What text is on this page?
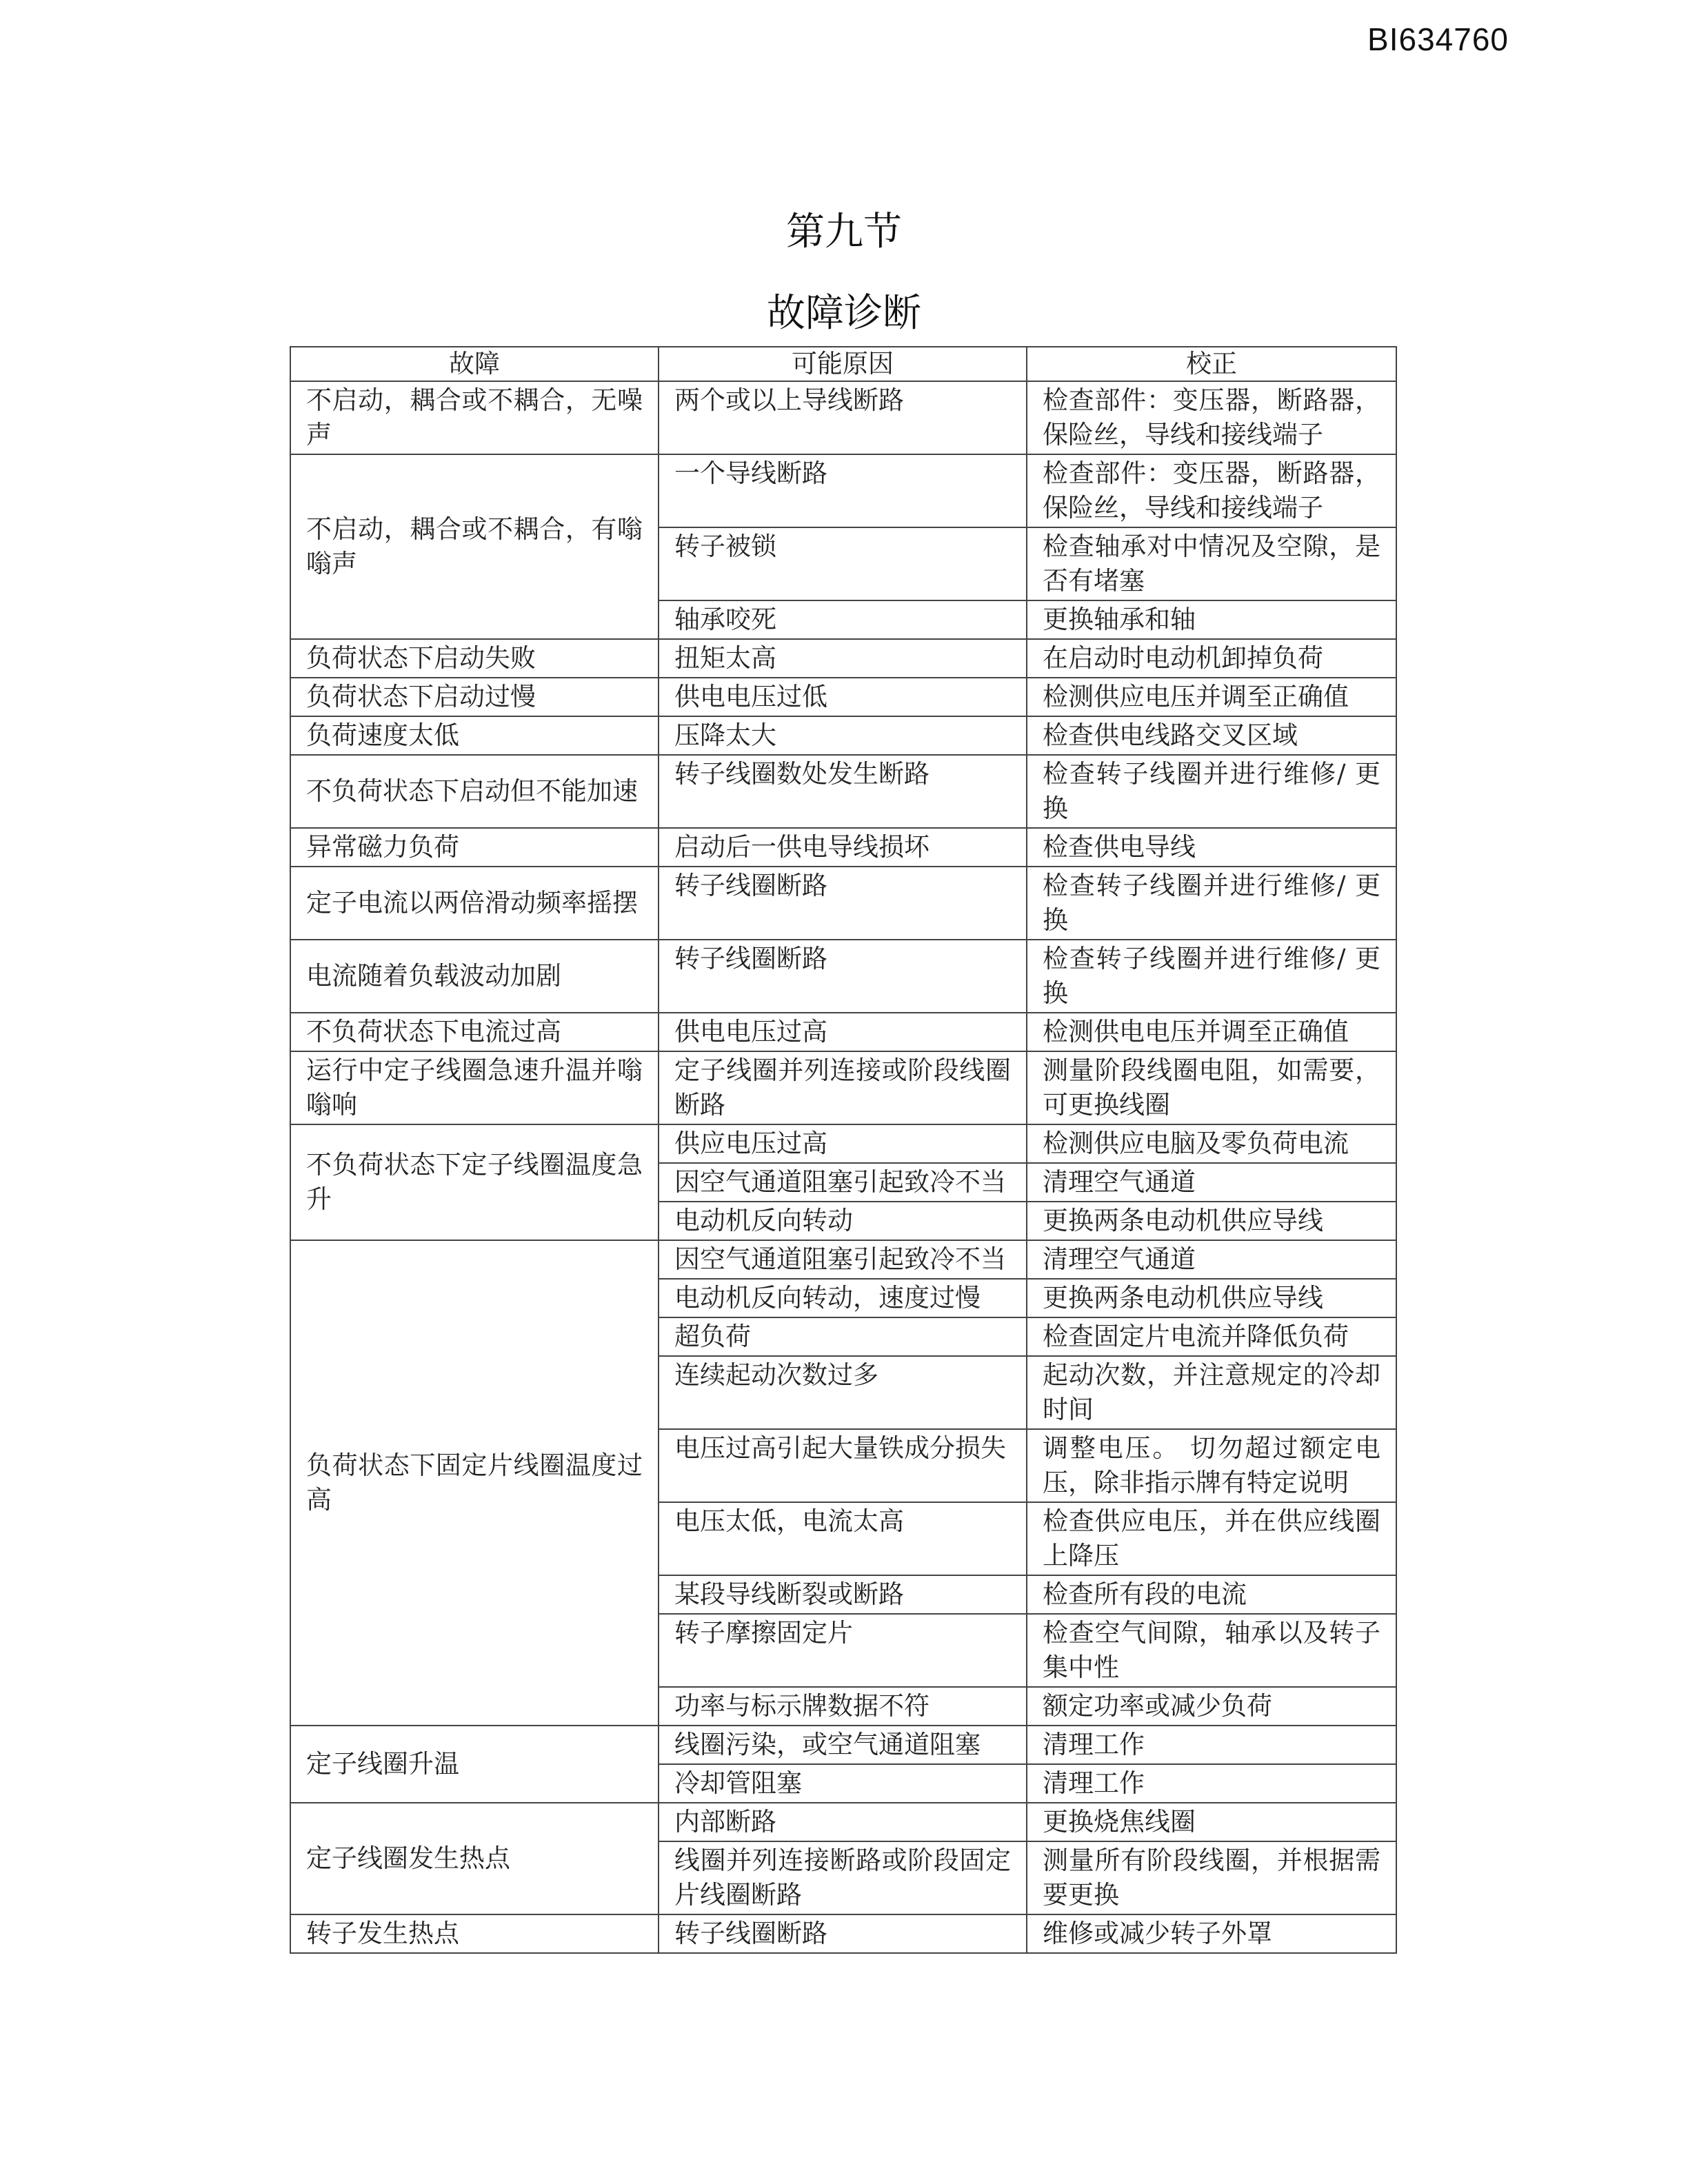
BI634760
第九节
故障诊断
故障	可能原因	校正
不启动，耦合或不耦合，无噪声	两个或以上导线断路	检查部件：变压器，断路器，保险丝，导线和接线端子
不启动，耦合或不耦合，有嗡嗡声	一个导线断路	检查部件：变压器，断路器，保险丝，导线和接线端子
	转子被锁	检查轴承对中情况及空隙，是否有堵塞
	轴承咬死	更换轴承和轴
负荷状态下启动失败	扭矩太高	在启动时电动机卸掉负荷
负荷状态下启动过慢	供电电压过低	检测供应电压并调至正确值
负荷速度太低	压降太大	检查供电线路交叉区域
不负荷状态下启动但不能加速	转子线圈数处发生断路	检查转子线圈并进行维修/ 更换
异常磁力负荷	启动后一供电导线损坏	检查供电导线
定子电流以两倍滑动频率摇摆	转子线圈断路	检查转子线圈并进行维修/ 更换
电流随着负载波动加剧	转子线圈断路	检查转子线圈并进行维修/ 更换
不负荷状态下电流过高	供电电压过高	检测供电电压并调至正确值
运行中定子线圈急速升温并嗡嗡响	定子线圈并列连接或阶段线圈断路	测量阶段线圈电阻，如需要，可更换线圈
不负荷状态下定子线圈温度急升	供应电压过高	检测供应电脑及零负荷电流
	因空气通道阻塞引起致冷不当	清理空气通道
	电动机反向转动	更换两条电动机供应导线
负荷状态下固定片线圈温度过高	因空气通道阻塞引起致冷不当	清理空气通道
	电动机反向转动，速度过慢	更换两条电动机供应导线
	超负荷	检查固定片电流并降低负荷
	连续起动次数过多	起动次数，并注意规定的冷却时间
	电压过高引起大量铁成分损失	调整电压。 切勿超过额定电压，除非指示牌有特定说明
	电压太低，电流太高	检查供应电压，并在供应线圈上降压
	某段导线断裂或断路	检查所有段的电流
	转子摩擦固定片	检查空气间隙，轴承以及转子集中性
	功率与标示牌数据不符	额定功率或减少负荷
定子线圈升温	线圈污染，或空气通道阻塞	清理工作
	冷却管阻塞	清理工作
定子线圈发生热点	内部断路	更换烧焦线圈
	线圈并列连接断路或阶段固定片线圈断路	测量所有阶段线圈，并根据需要更换
转子发生热点	转子线圈断路	维修或减少转子外罩
